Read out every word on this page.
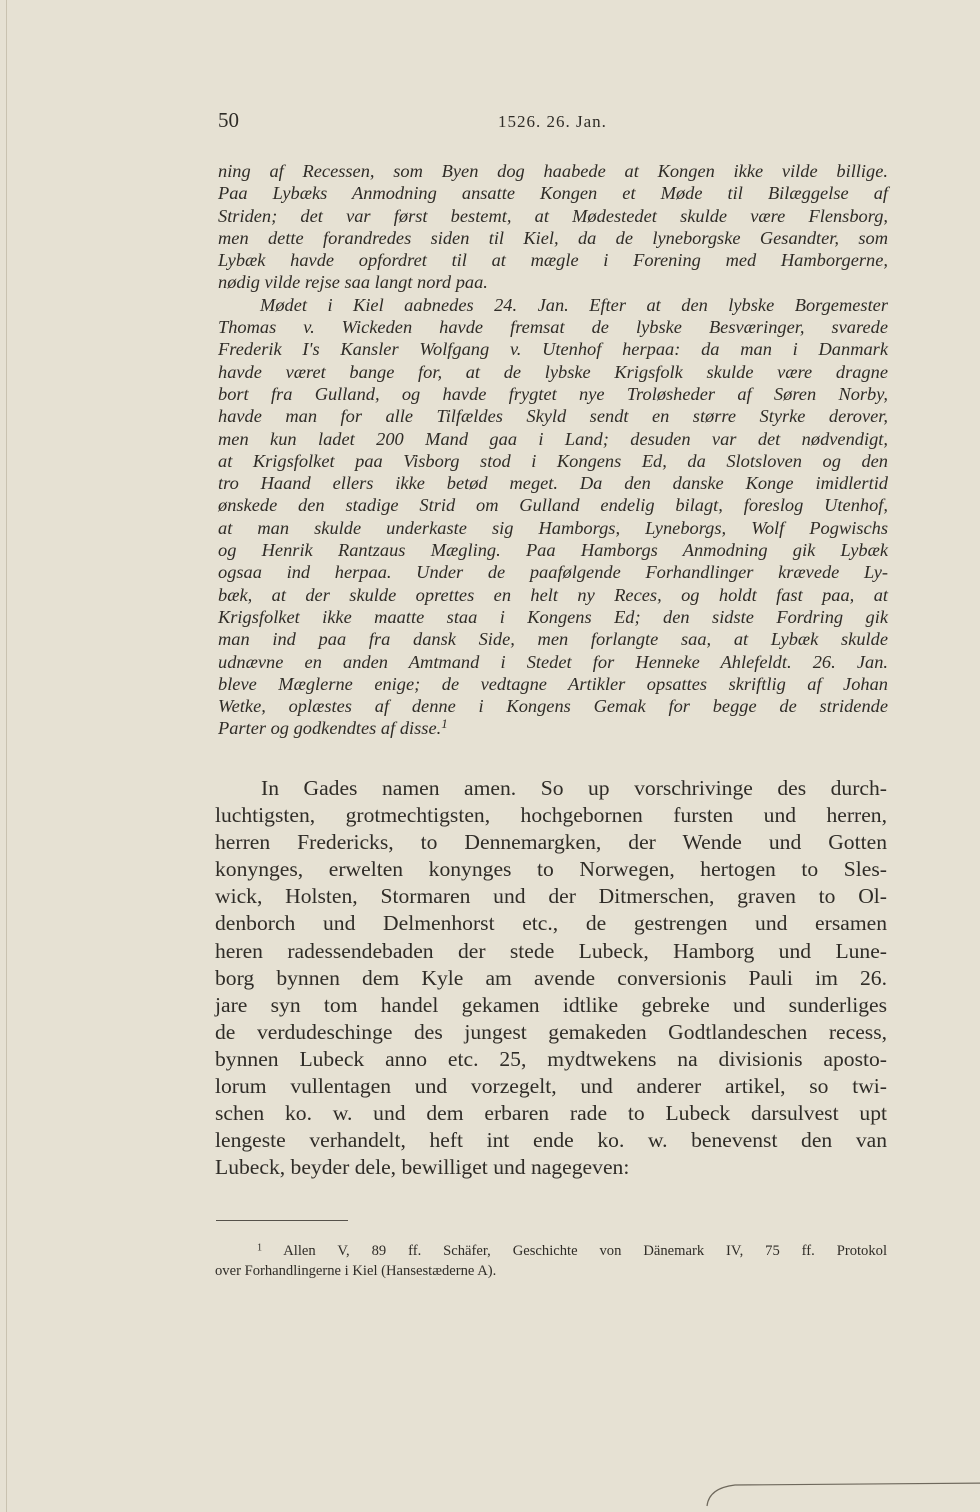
50	1526. 26. Jan.
ning af Recessen, som Byen dog haabede at Kongen ikke vilde billige.
Paa Lybæks Anmodning ansatte Kongen et Møde til Bilæggelse af
Striden; det var først bestemt, at Mødestedet skulde være Flensborg,
men dette forandredes siden til Kiel, da de lyneborgske Gesandter, som
Lybæk havde opfordret til at mægle i Forening med Hamborgerne,
nødig vilde rejse saa langt nord paa.
Mødet i Kiel aabnedes 24. Jan. Efter at den lybske Borgemester
Thomas v. Wickeden havde fremsat de lybske Besværinger, svarede
Frederik I's Kansler Wolfgang v. Utenhof herpaa: da man i Danmark
havde været bange for, at de lybske Krigsfolk skulde være dragne
bort fra Gulland, og havde frygtet nye Troløsheder af Søren Norby,
havde man for alle Tilfældes Skyld sendt en større Styrke derover,
men kun ladet 200 Mand gaa i Land; desuden var det nødvendigt,
at Krigsfolket paa Visborg stod i Kongens Ed, da Slotsloven og den
tro Haand ellers ikke betød meget. Da den danske Konge imidlertid
ønskede den stadige Strid om Gulland endelig bilagt, foreslog Utenhof,
at man skulde underkaste sig Hamborgs, Lyneborgs, Wolf Pogwischs
og Henrik Rantzaus Mægling. Paa Hamborgs Anmodning gik Lybæk
ogsaa ind herpaa. Under de paafølgende Forhandlinger krævede Ly-
bæk, at der skulde oprettes en helt ny Reces, og holdt fast paa, at
Krigsfolket ikke maatte staa i Kongens Ed; den sidste Fordring gik
man ind paa fra dansk Side, men forlangte saa, at Lybæk skulde
udnævne en anden Amtmand i Stedet for Henneke Ahlefeldt. 26. Jan.
bleve Mæglerne enige; de vedtagne Artikler opsattes skriftlig af Johan
Wetke, oplæstes af denne i Kongens Gemak for begge de stridende
Parter og godkendtes af disse.$^1$
In Gades namen amen. So up vorschrivinge des durch-
luchtigsten, grotmechtigsten, hochgebornen fursten und herren,
herren Fredericks, to Dennemargken, der Wende und Gotten
konynges, erwelten konynges to Norwegen, hertogen to Sles-
wick, Holsten, Stormaren und der Ditmerschen, graven to Ol-
denborch und Delmenhorst etc., de gestrengen und ersamen
heren radessendebaden der stede Lubeck, Hamborg und Lune-
borg bynnen dem Kyle am avende conversionis Pauli im 26.
jare syn tom handel gekamen idtlike gebreke und sunderliges
de verdudeschinge des jungest gemakeden Godtlandeschen recess,
bynnen Lubeck anno etc. 25, mydtwekens na divisionis aposto-
lorum vullentagen und vorzegelt, und anderer artikel, so twi-
schen ko. w. und dem erbaren rade to Lubeck darsulvest upt
lengeste verhandelt, heft int ende ko. w. benevenst den van
Lubeck, beyder dele, bewilliget und nagegeven:
$^1$ Allen V, 89 ff. Schäfer, Geschichte von Dänemark IV, 75 ff. Protokol
over Forhandlingerne i Kiel (Hansestæderne A).
